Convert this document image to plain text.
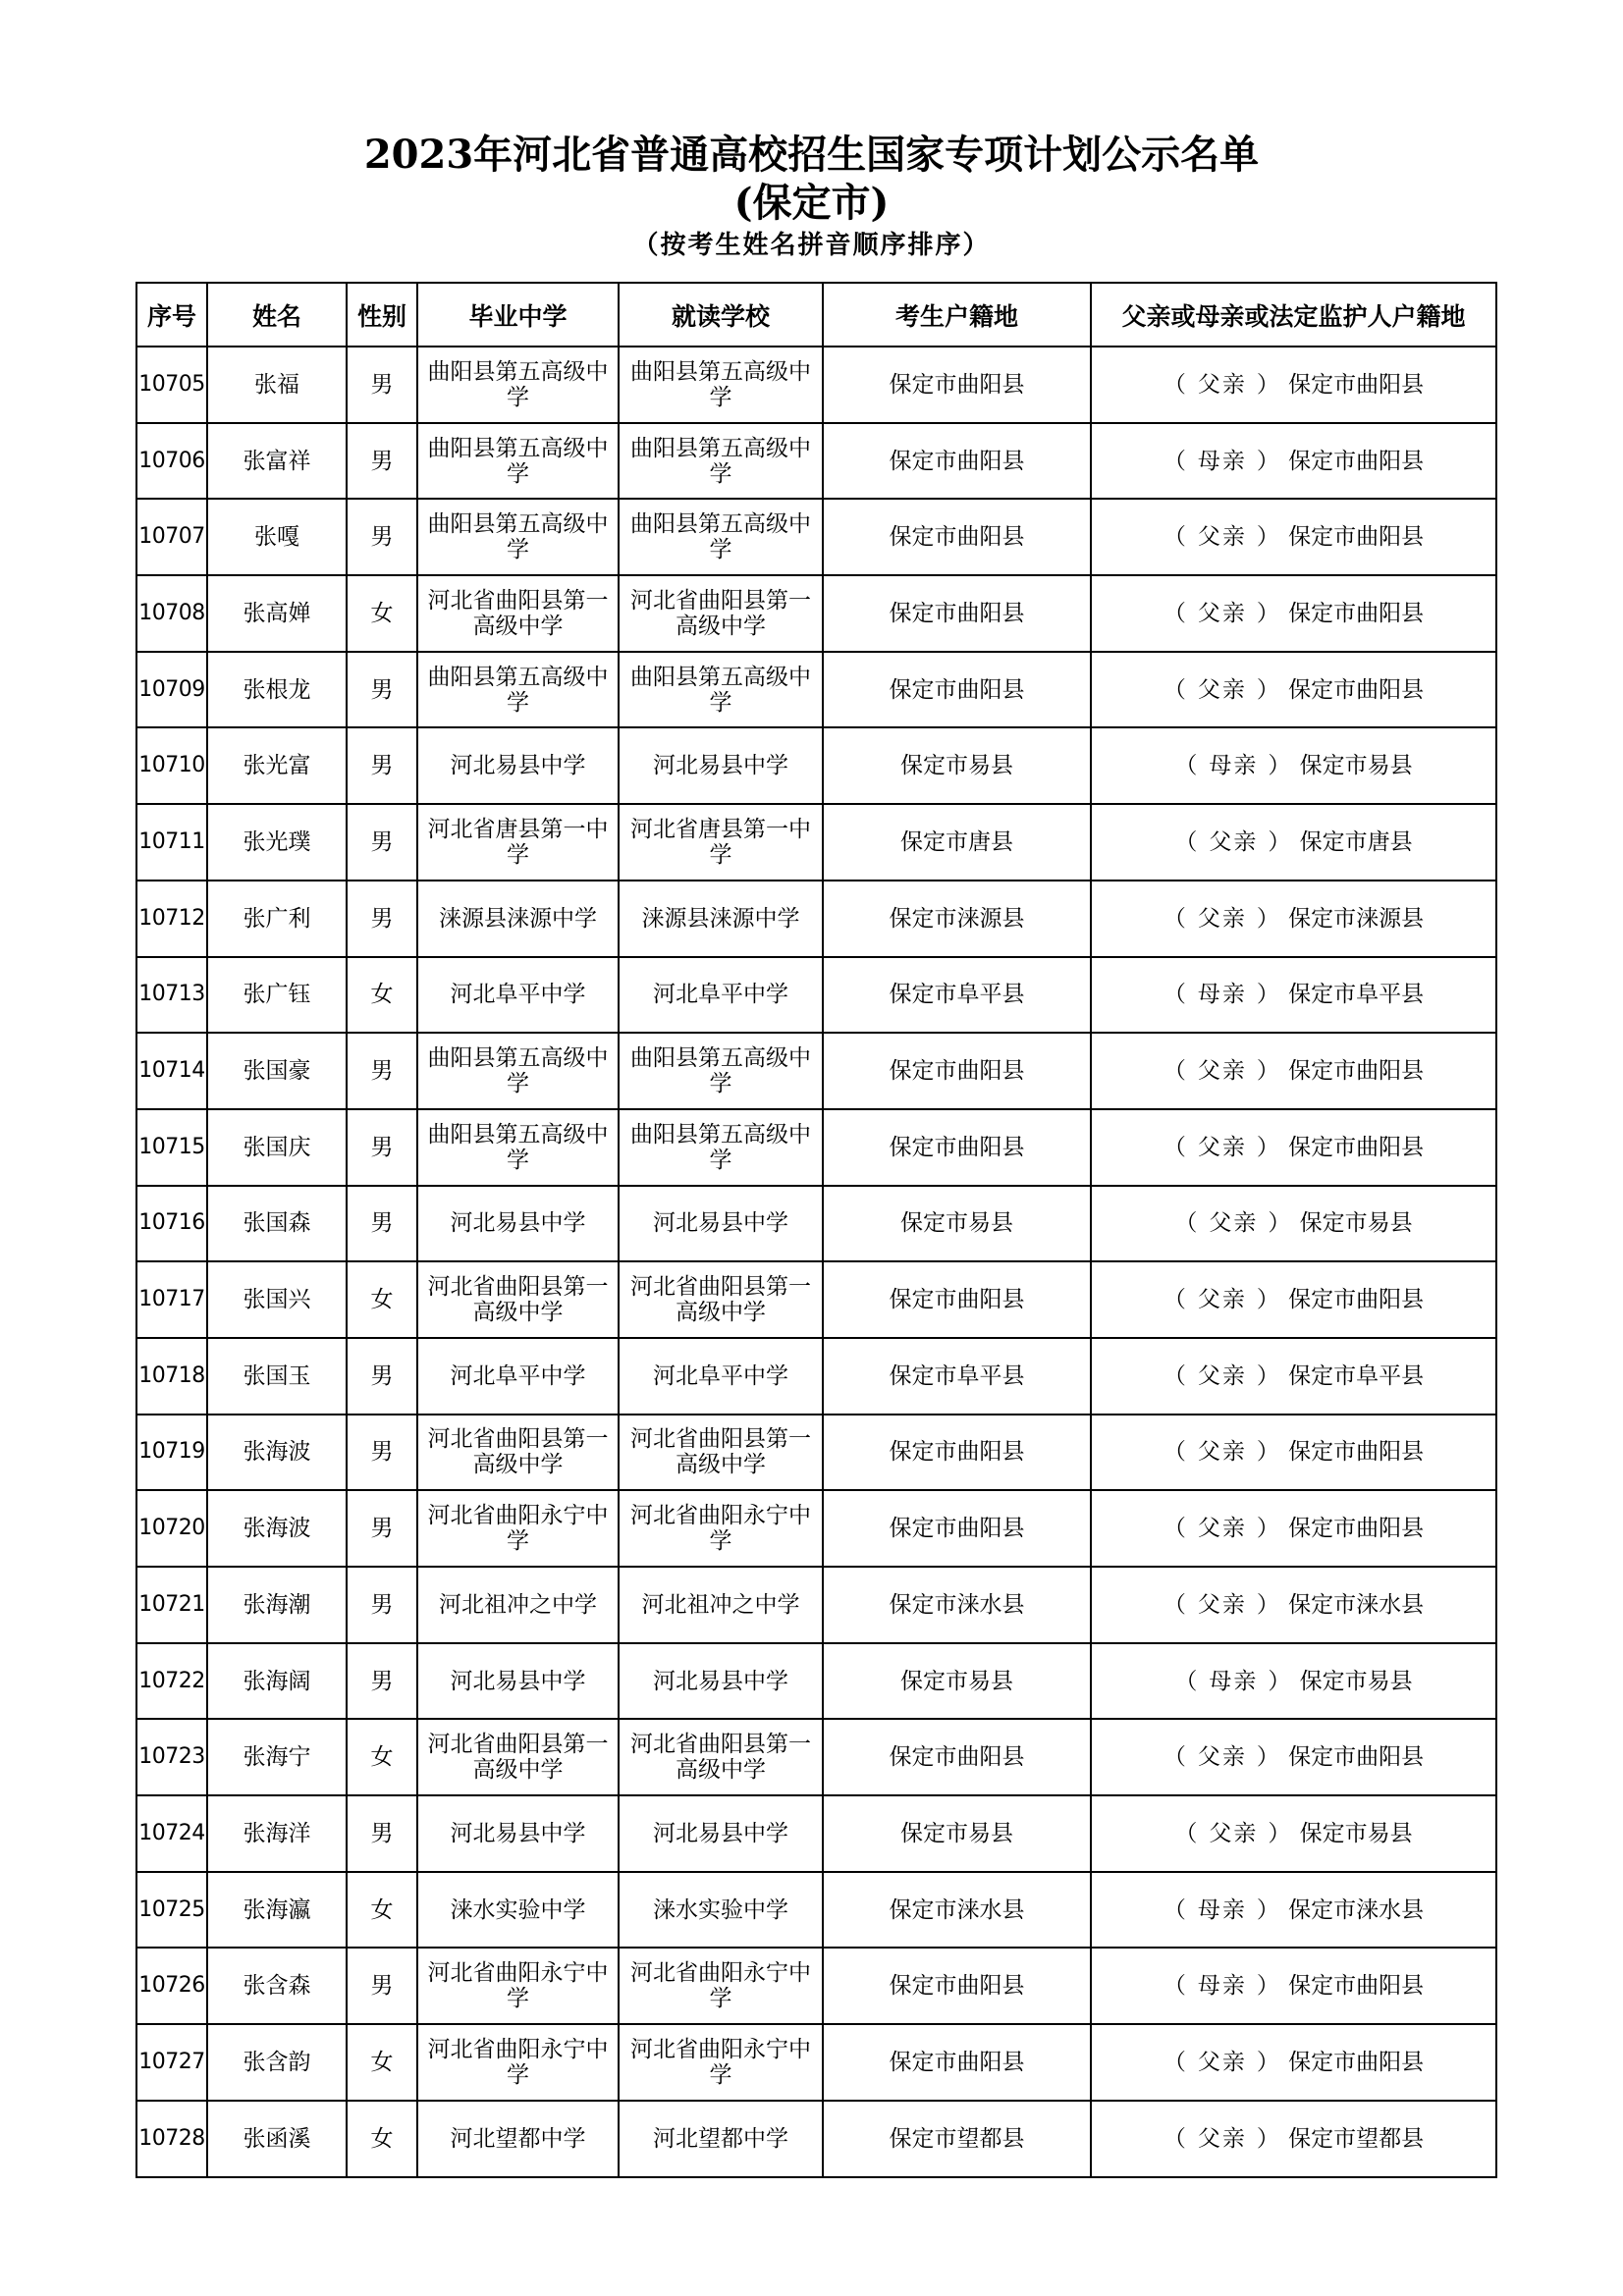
2023年河北省普通高校招生国家专项计划公示名单
(保定市)
（按考生姓名拼音顺序排序）
序号	姓名	性别	毕业中学	就读学校	考生户籍地	父亲或母亲或法定监护人户籍地
10705	张福	男	曲阳县第五高级中学	曲阳县第五高级中学	保定市曲阳县	（ 父亲 ） 保定市曲阳县
10706	张富祥	男	曲阳县第五高级中学	曲阳县第五高级中学	保定市曲阳县	（ 母亲 ） 保定市曲阳县
10707	张嘎	男	曲阳县第五高级中学	曲阳县第五高级中学	保定市曲阳县	（ 父亲 ） 保定市曲阳县
10708	张高婵	女	河北省曲阳县第一高级中学	河北省曲阳县第一高级中学	保定市曲阳县	（ 父亲 ） 保定市曲阳县
10709	张根龙	男	曲阳县第五高级中学	曲阳县第五高级中学	保定市曲阳县	（ 父亲 ） 保定市曲阳县
10710	张光富	男	河北易县中学	河北易县中学	保定市易县	（ 母亲 ） 保定市易县
10711	张光璞	男	河北省唐县第一中学	河北省唐县第一中学	保定市唐县	（ 父亲 ） 保定市唐县
10712	张广利	男	涞源县涞源中学	涞源县涞源中学	保定市涞源县	（ 父亲 ） 保定市涞源县
10713	张广钰	女	河北阜平中学	河北阜平中学	保定市阜平县	（ 母亲 ） 保定市阜平县
10714	张国豪	男	曲阳县第五高级中学	曲阳县第五高级中学	保定市曲阳县	（ 父亲 ） 保定市曲阳县
10715	张国庆	男	曲阳县第五高级中学	曲阳县第五高级中学	保定市曲阳县	（ 父亲 ） 保定市曲阳县
10716	张国森	男	河北易县中学	河北易县中学	保定市易县	（ 父亲 ） 保定市易县
10717	张国兴	女	河北省曲阳县第一高级中学	河北省曲阳县第一高级中学	保定市曲阳县	（ 父亲 ） 保定市曲阳县
10718	张国玉	男	河北阜平中学	河北阜平中学	保定市阜平县	（ 父亲 ） 保定市阜平县
10719	张海波	男	河北省曲阳县第一高级中学	河北省曲阳县第一高级中学	保定市曲阳县	（ 父亲 ） 保定市曲阳县
10720	张海波	男	河北省曲阳永宁中学	河北省曲阳永宁中学	保定市曲阳县	（ 父亲 ） 保定市曲阳县
10721	张海潮	男	河北祖冲之中学	河北祖冲之中学	保定市涞水县	（ 父亲 ） 保定市涞水县
10722	张海阔	男	河北易县中学	河北易县中学	保定市易县	（ 母亲 ） 保定市易县
10723	张海宁	女	河北省曲阳县第一高级中学	河北省曲阳县第一高级中学	保定市曲阳县	（ 父亲 ） 保定市曲阳县
10724	张海洋	男	河北易县中学	河北易县中学	保定市易县	（ 父亲 ） 保定市易县
10725	张海瀛	女	涞水实验中学	涞水实验中学	保定市涞水县	（ 母亲 ） 保定市涞水县
10726	张含森	男	河北省曲阳永宁中学	河北省曲阳永宁中学	保定市曲阳县	（ 母亲 ） 保定市曲阳县
10727	张含韵	女	河北省曲阳永宁中学	河北省曲阳永宁中学	保定市曲阳县	（ 父亲 ） 保定市曲阳县
10728	张函溪	女	河北望都中学	河北望都中学	保定市望都县	（ 父亲 ） 保定市望都县
